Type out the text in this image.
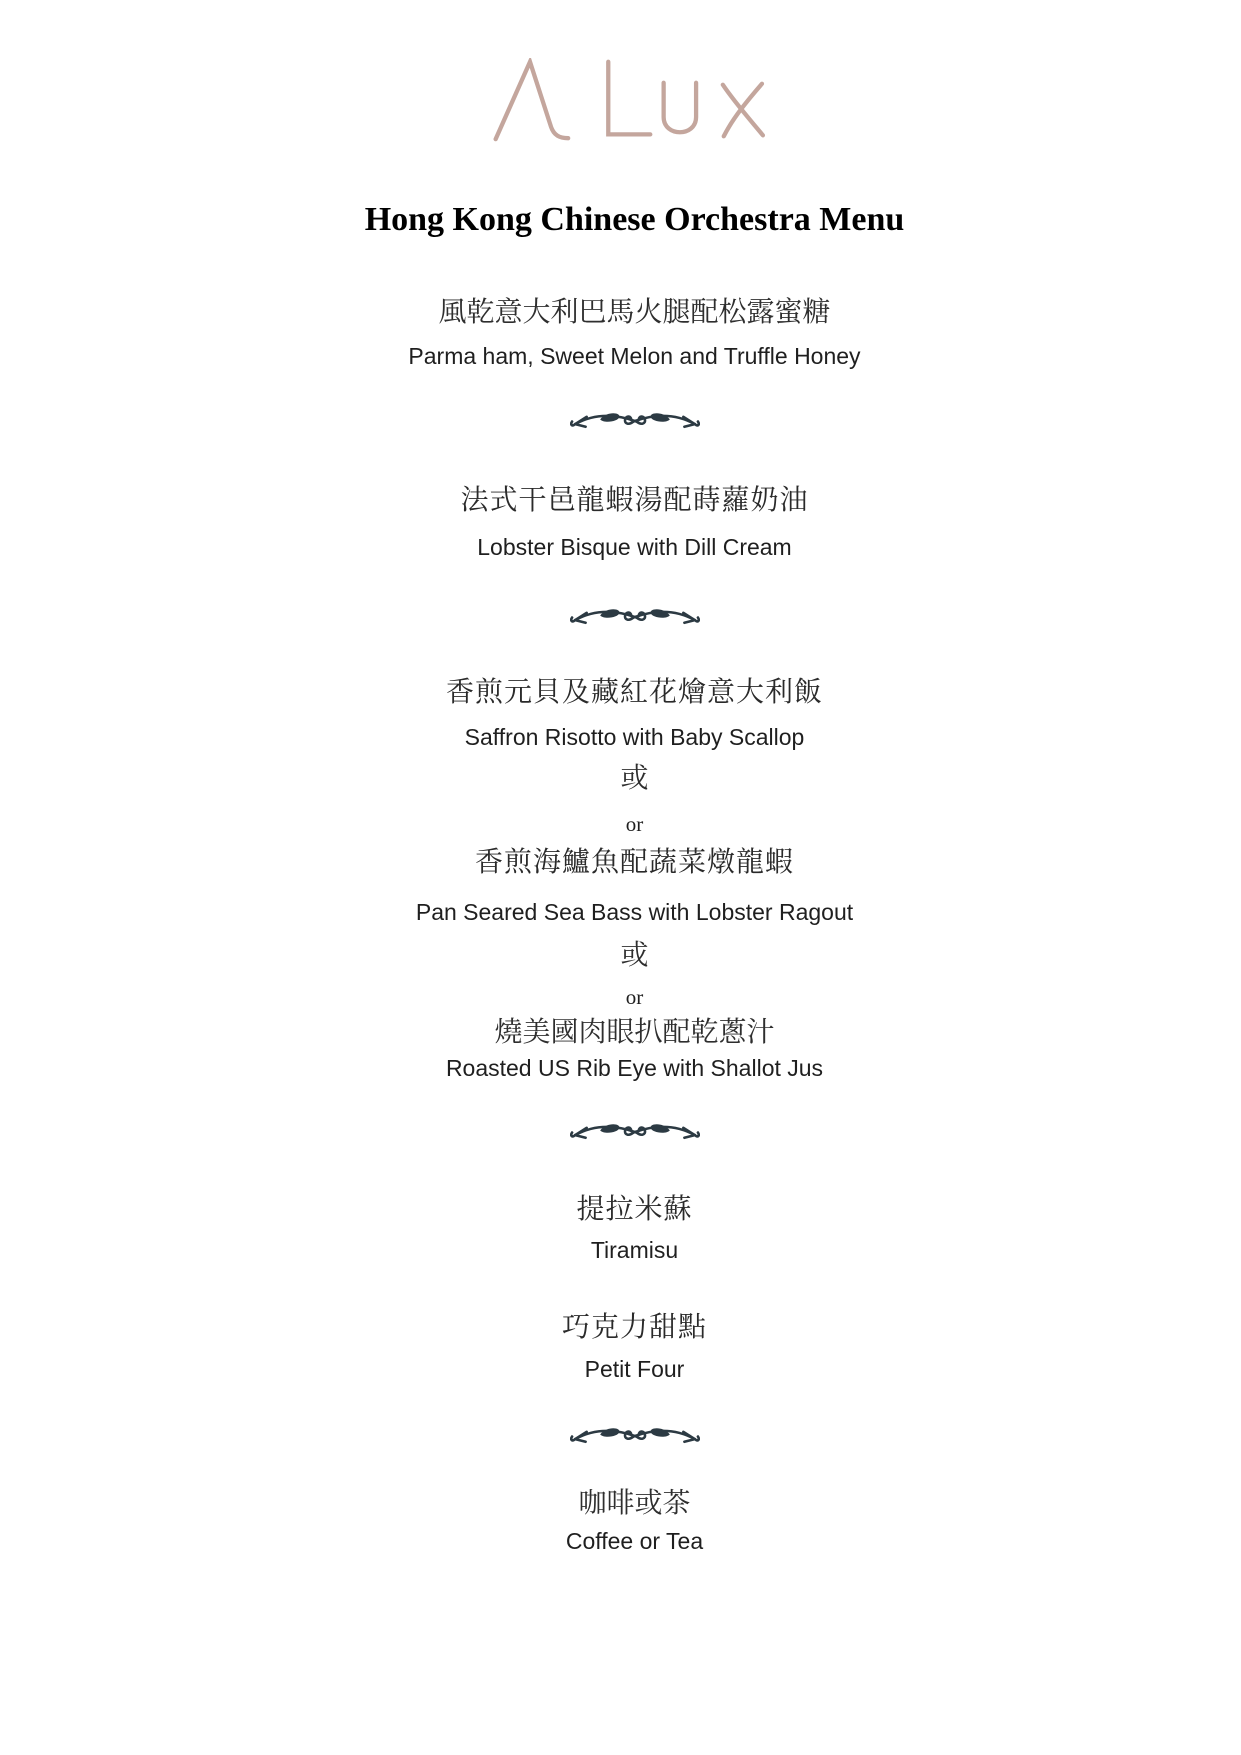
Hong Kong Chinese Orchestra Menu
風乾意大利巴馬火腿配松露蜜糖
Parma ham, Sweet Melon and Truffle Honey
法式干邑龍蝦湯配蒔蘿奶油
Lobster Bisque with Dill Cream
香煎元貝及藏紅花燴意大利飯
Saffron Risotto with Baby Scallop
或
or
香煎海鱸魚配蔬菜燉龍蝦
Pan Seared Sea Bass with Lobster Ragout
或
or
燒美國肉眼扒配乾蔥汁
Roasted US Rib Eye with Shallot Jus
提拉米蘇
Tiramisu
巧克力甜點
Petit Four
咖啡或茶
Coffee or Tea
